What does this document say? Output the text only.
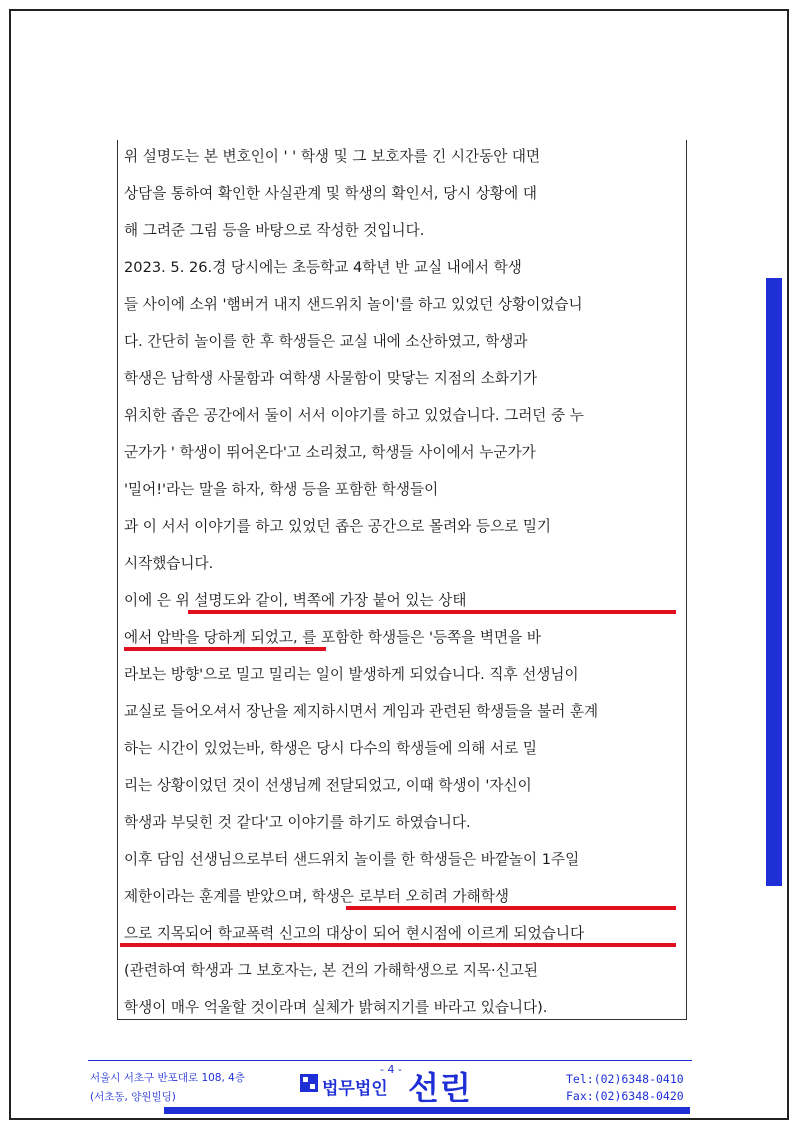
위 설명도는 본 변호인이 ' ' 학생 및 그 보호자를 긴 시간동안 대면
상담을 통하여 확인한 사실관계 및 학생의 확인서, 당시 상황에 대
해 그려준 그림 등을 바탕으로 작성한 것입니다.
2023. 5. 26.경 당시에는 초등학교 4학년 반 교실 내에서 학생
들 사이에 소위 '햄버거 내지 샌드위치 놀이'를 하고 있었던 상황이었습니
다. 간단히 놀이를 한 후 학생들은 교실 내에 소산하였고, 학생과
학생은 남학생 사물함과 여학생 사물함이 맞닿는 지점의 소화기가
위치한 좁은 공간에서 둘이 서서 이야기를 하고 있었습니다. 그러던 중 누
군가가 ' 학생이 뛰어온다'고 소리쳤고, 학생들 사이에서 누군가가
'밀어!'라는 말을 하자, 학생 등을 포함한 학생들이
과 이 서서 이야기를 하고 있었던 좁은 공간으로 몰려와 등으로 밀기
시작했습니다.
이에 은 위 설명도와 같이, 벽쪽에 가장 붙어 있는 상태
에서 압박을 당하게 되었고, 를 포함한 학생들은 '등쪽을 벽면을 바
라보는 방향'으로 밀고 밀리는 일이 발생하게 되었습니다. 직후 선생님이
교실로 들어오셔서 장난을 제지하시면서 게임과 관련된 학생들을 불러 훈계
하는 시간이 있었는바, 학생은 당시 다수의 학생들에 의해 서로 밀
리는 상황이었던 것이 선생님께 전달되었고, 이때 학생이 '자신이
학생과 부딪힌 것 같다'고 이야기를 하기도 하였습니다.
이후 담임 선생님으로부터 샌드위치 놀이를 한 학생들은 바깥놀이 1주일
제한이라는 훈계를 받았으며, 학생은 로부터 오히려 가해학생
으로 지목되어 학교폭력 신고의 대상이 되어 현시점에 이르게 되었습니다
(관련하여 학생과 그 보호자는, 본 건의 가해학생으로 지목·신고된
학생이 매우 억울할 것이라며 실체가 밝혀지기를 바라고 있습니다).
- 4 -
서울시 서초구 반포대로 108, 4층
(서초동, 양원빌딩)	법무법인 선린	Tel:(02)6348-0410
Fax:(02)6348-0420
